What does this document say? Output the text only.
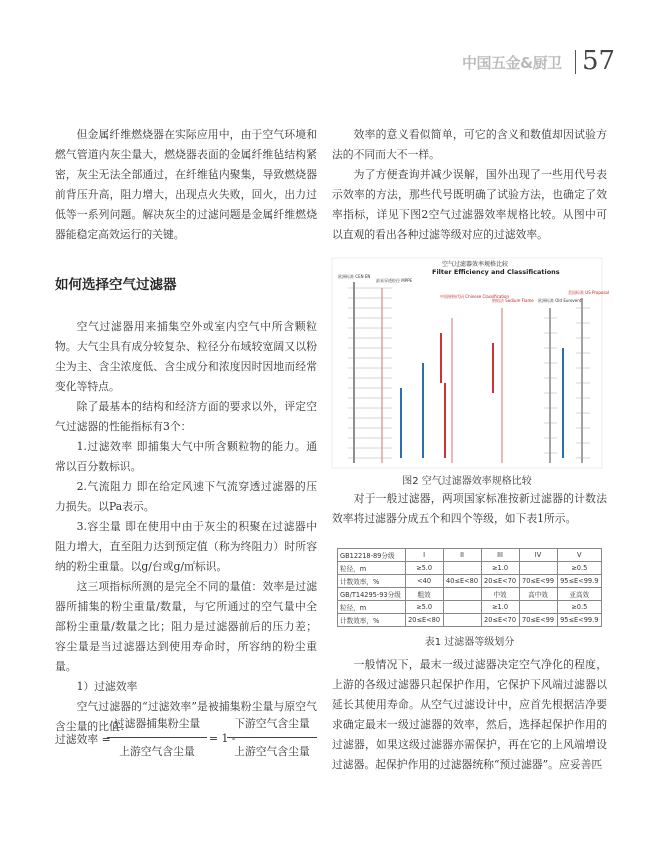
中国五金&厨卫 57

但金属纤维燃烧器在实际应用中，由于空气环境和燃气管道内灰尘量大，燃烧器表面的金属纤维毡结构紧密，灰尘无法全部通过，在纤维毡内聚集，导致燃烧器前背压升高，阻力增大，出现点火失败，回火，出力过低等一系列问题。解决灰尘的过滤问题是金属纤维燃烧器能稳定高效运行的关键。

如何选择空气过滤器

空气过滤器用来捕集空外或室内空气中所含颗粒物。大气尘具有成分较复杂、粒径分布域较宽阔又以粉尘为主、含尘浓度低、含尘成分和浓度因时因地而经常变化等特点。

除了最基本的结构和经济方面的要求以外，评定空气过滤器的性能指标有3个：

1.过滤效率 即捕集大气中所含颗粒物的能力。通常以百分数标识。

2.气流阻力 即在给定风速下气流穿透过滤器的压力损失。以Pa表示。

3.容尘量 即在使用中由于灰尘的积聚在过滤器中阻力增大，直至阻力达到预定值（称为终阻力）时所容纳的粉尘重量。以g/台或g/㎡标识。

这三项指标所测的是完全不同的量值：效率是过滤器所捕集的粉尘重量/数量，与它所通过的空气量中全部粉尘重量/数量之比；阻力是过滤器前后的压力差；容尘量是当过滤器达到使用寿命时，所容纳的粉尘重量。

1）过滤效率

空气过滤器的“过滤效率”是被捕集粉尘量与原空气含尘量的比值：

过滤效率 =
过滤器捕集粉尘量
上游空气含尘量
= 1 -
下游空气含尘量
上游空气含尘量

效率的意义看似简单，可它的含义和数值却因试验方法的不同而大不一样。

为了方便查询并减少误解，国外出现了一些用代号表示效率的方法，那些代号既明确了试验方法，也确定了效率指标，详见下图2空气过滤器效率规格比较。从图中可以直观的看出各种过滤等级对应的过滤效率。

空气过滤器效率规格比较
Filter Efficiency and Classifications
欧洲标准 CEN EN
最易穿透粒径 MPPE
中国规格代码 Chinese Classification
钠焰法 Sodium Flame 欧洲标准 Old Eurovent
美国标准 US Proposal
图2 空气过滤器效率规格比较

对于一般过滤器，两项国家标准按新过滤器的计数法效率将过滤器分成五个和四个等级，如下表1所示。

GB12218-89分级	I	II	III	IV	V
粒径，m	≥5.0		≥1.0		≥0.5
计数效率，%	<40	40≤E<80	20≤E<70	70≤E<99	95≤E<99.9
GB/T14295-93分级	粗效		中效	高中效	亚高效
粒径，m	≥5.0		≥1.0		≥0.5
计数效率，%	20≤E<80		20≤E<70	70≤E<99	95≤E<99.9
表1 过滤器等级划分

一般情况下，最末一级过滤器决定空气净化的程度，上游的各级过滤器只起保护作用，它保护下风端过滤器以延长其使用寿命。从空气过滤设计中，应首先根据洁净要求确定最末一级过滤器的效率，然后，选择起保护作用的过滤器，如果这级过滤器亦需保护，再在它的上风端增设过滤器。起保护作用的过滤器统称“预过滤器”。应妥善匹
